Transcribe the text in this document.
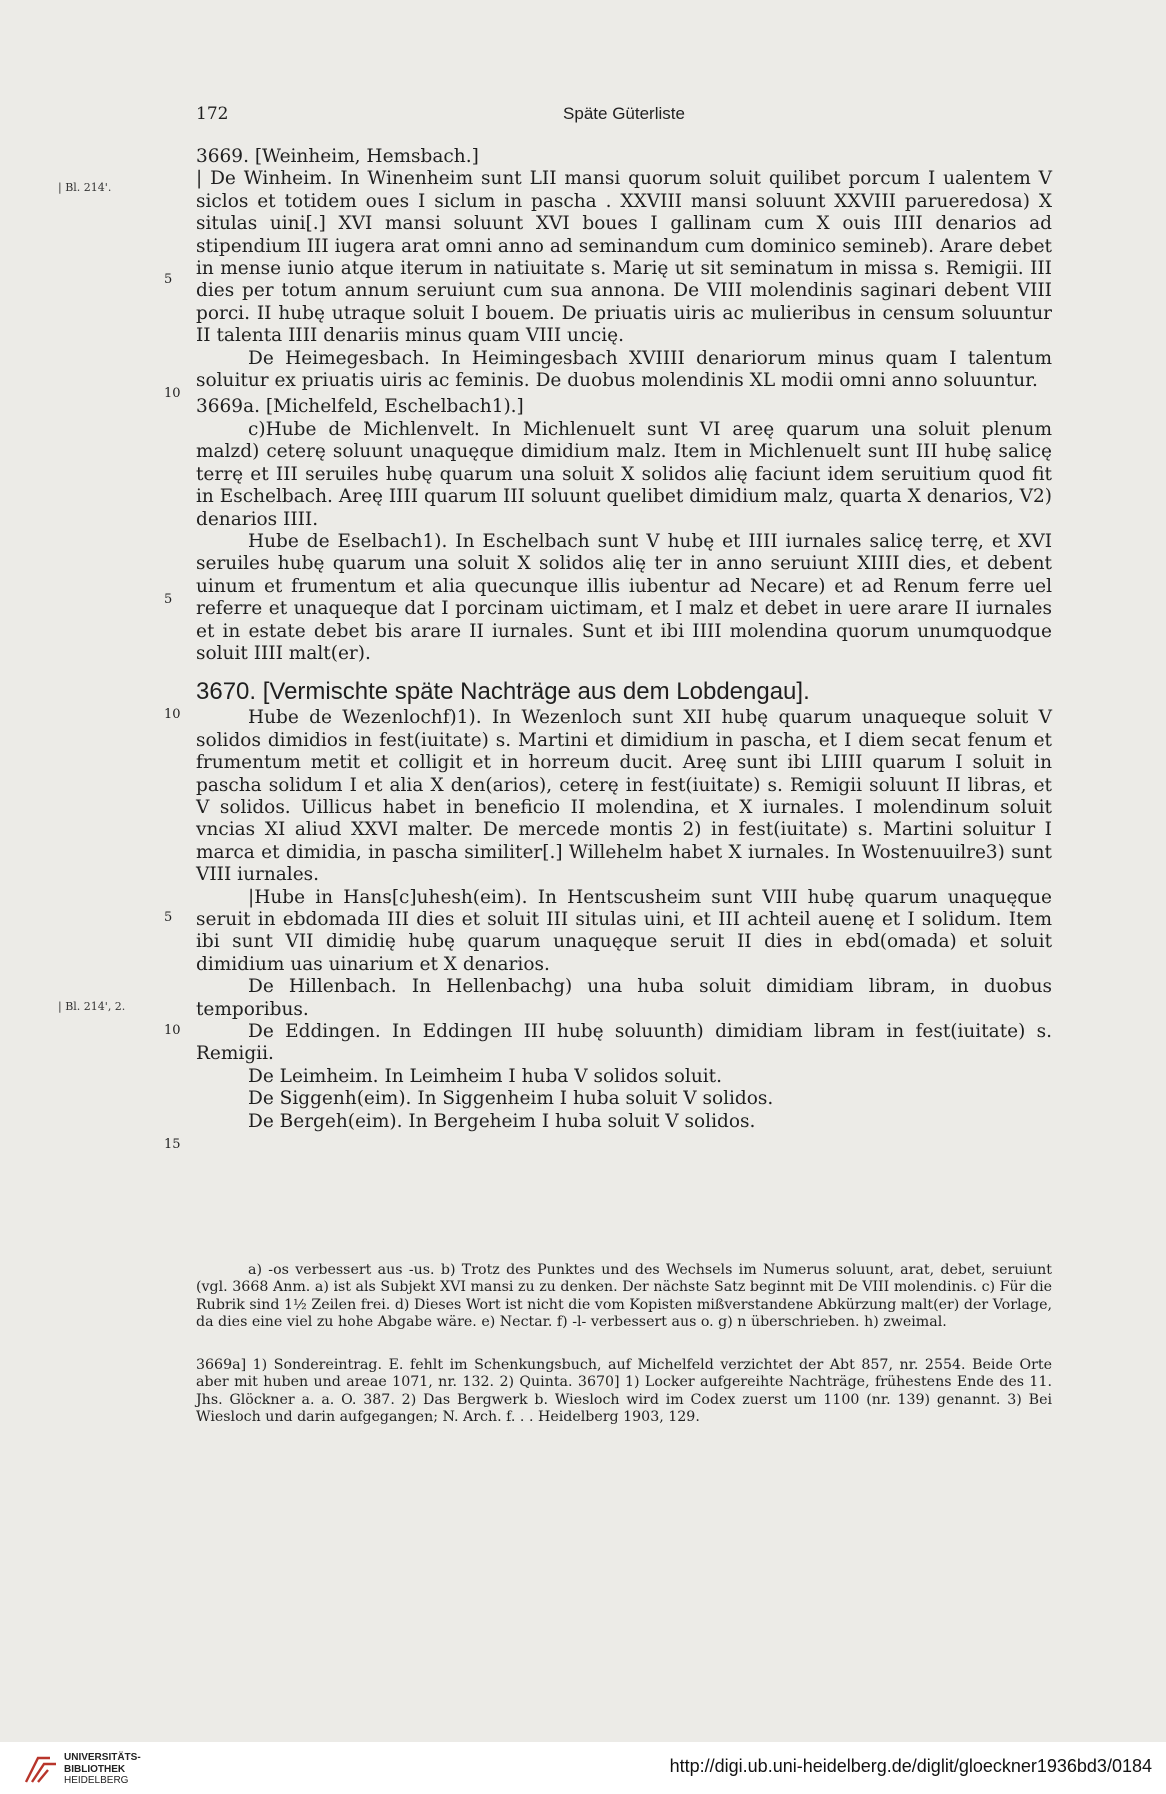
172	Späte Güterliste
| Bl. 214'.
| Bl. 214', 2.
5
10
5
10
5
10
15

3669. [Weinheim, Hemsbach.]

| De Winheim. In Winenheim sunt LII mansi quorum soluit quilibet porcum I ualentem V siclos et totidem oues I siclum in pascha . XXVIII mansi soluunt XXVIII parueredosa) X situlas uini[.] XVI mansi soluunt XVI boues I gallinam cum X ouis IIII denarios ad stipendium III iugera arat omni anno ad seminandum cum dominico semineb). Arare debet in mense iunio atque iterum in natiuitate s. Marię ut sit seminatum in missa s. Remigii. III dies per totum annum seruiunt cum sua annona. De VIII molendinis saginari debent VIII porci. II hubę utraque soluit I bouem. De priuatis uiris ac mulieribus in censum soluuntur II talenta IIII denariis minus quam VIII uncię.

De Heimegesbach. In Heimingesbach XVIIII denariorum minus quam I talentum soluitur ex priuatis uiris ac feminis. De duobus molendinis XL modii omni anno soluuntur.

3669a. [Michelfeld, Eschelbach1).]

c)Hube de Michlenvelt. In Michlenuelt sunt VI areę quarum una soluit plenum malzd) ceterę soluunt unaquęque dimidium malz. Item in Michlenuelt sunt III hubę salicę terrę et III seruiles hubę quarum una soluit X solidos alię faciunt idem seruitium quod fit in Eschelbach. Areę IIII quarum III soluunt quelibet dimidium malz, quarta X denarios, V2) denarios IIII.

Hube de Eselbach1). In Eschelbach sunt V hubę et IIII iurnales salicę terrę, et XVI seruiles hubę quarum una soluit X solidos alię ter in anno seruiunt XIIII dies, et debent uinum et frumentum et alia quecunque illis iubentur ad Necare) et ad Renum ferre uel referre et unaqueque dat I porcinam uictimam, et I malz et debet in uere arare II iurnales et in estate debet bis arare II iurnales. Sunt et ibi IIII molendina quorum unumquodque soluit IIII malt(er).

3670. [Vermischte späte Nachträge aus dem Lobdengau].

Hube de Wezenlochf)1). In Wezenloch sunt XII hubę quarum unaqueque soluit V solidos dimidios in fest(iuitate) s. Martini et dimidium in pascha, et I diem secat fenum et frumentum metit et colligit et in horreum ducit. Areę sunt ibi LIIII quarum I soluit in pascha solidum I et alia X den(arios), ceterę in fest(iuitate) s. Remigii soluunt II libras, et V solidos. Uillicus habet in beneficio II molendina, et X iurnales. I molendinum soluit vncias XI aliud XXVI malter. De mercede montis 2) in fest(iuitate) s. Martini soluitur I marca et dimidia, in pascha similiter[.] Willehelm habet X iurnales. In Wostenuuilre3) sunt VIII iurnales.

|Hube in Hans[c]uhesh(eim). In Hentscusheim sunt VIII hubę quarum unaquęque seruit in ebdomada III dies et soluit III situlas uini, et III achteil auenę et I solidum. Item ibi sunt VII dimidię hubę quarum unaquęque seruit II dies in ebd(omada) et soluit dimidium uas uinarium et X denarios.

De Hillenbach. In Hellenbachg) una huba soluit dimidiam libram, in duobus temporibus.

De Eddingen. In Eddingen III hubę soluunth) dimidiam libram in fest(iuitate) s. Remigii.

De Leimheim. In Leimheim I huba V solidos soluit.

De Siggenh(eim). In Siggenheim I huba soluit V solidos.

De Bergeh(eim). In Bergeheim I huba soluit V solidos.

a) -os verbessert aus -us. b) Trotz des Punktes und des Wechsels im Numerus soluunt, arat, debet, seruiunt (vgl. 3668 Anm. a) ist als Subjekt XVI mansi zu zu denken. Der nächste Satz beginnt mit De VIII molendinis. c) Für die Rubrik sind 1½ Zeilen frei. d) Dieses Wort ist nicht die vom Kopisten mißverstandene Abkürzung malt(er) der Vorlage, da dies eine viel zu hohe Abgabe wäre. e) Nectar. f) -l- verbessert aus o. g) n überschrieben. h) zweimal.

3669a] 1) Sondereintrag. E. fehlt im Schenkungsbuch, auf Michelfeld verzichtet der Abt 857, nr. 2554. Beide Orte aber mit huben und areae 1071, nr. 132. 2) Quinta. 3670] 1) Locker aufgereihte Nachträge, frühestens Ende des 11. Jhs. Glöckner a. a. O. 387. 2) Das Bergwerk b. Wiesloch wird im Codex zuerst um 1100 (nr. 139) genannt. 3) Bei Wiesloch und darin aufgegangen; N. Arch. f. . . Heidelberg 1903, 129.

UNIVERSITÄTS-
BIBLIOTHEK
HEIDELBERG
http://digi.ub.uni-heidelberg.de/diglit/gloeckner1936bd3/0184
